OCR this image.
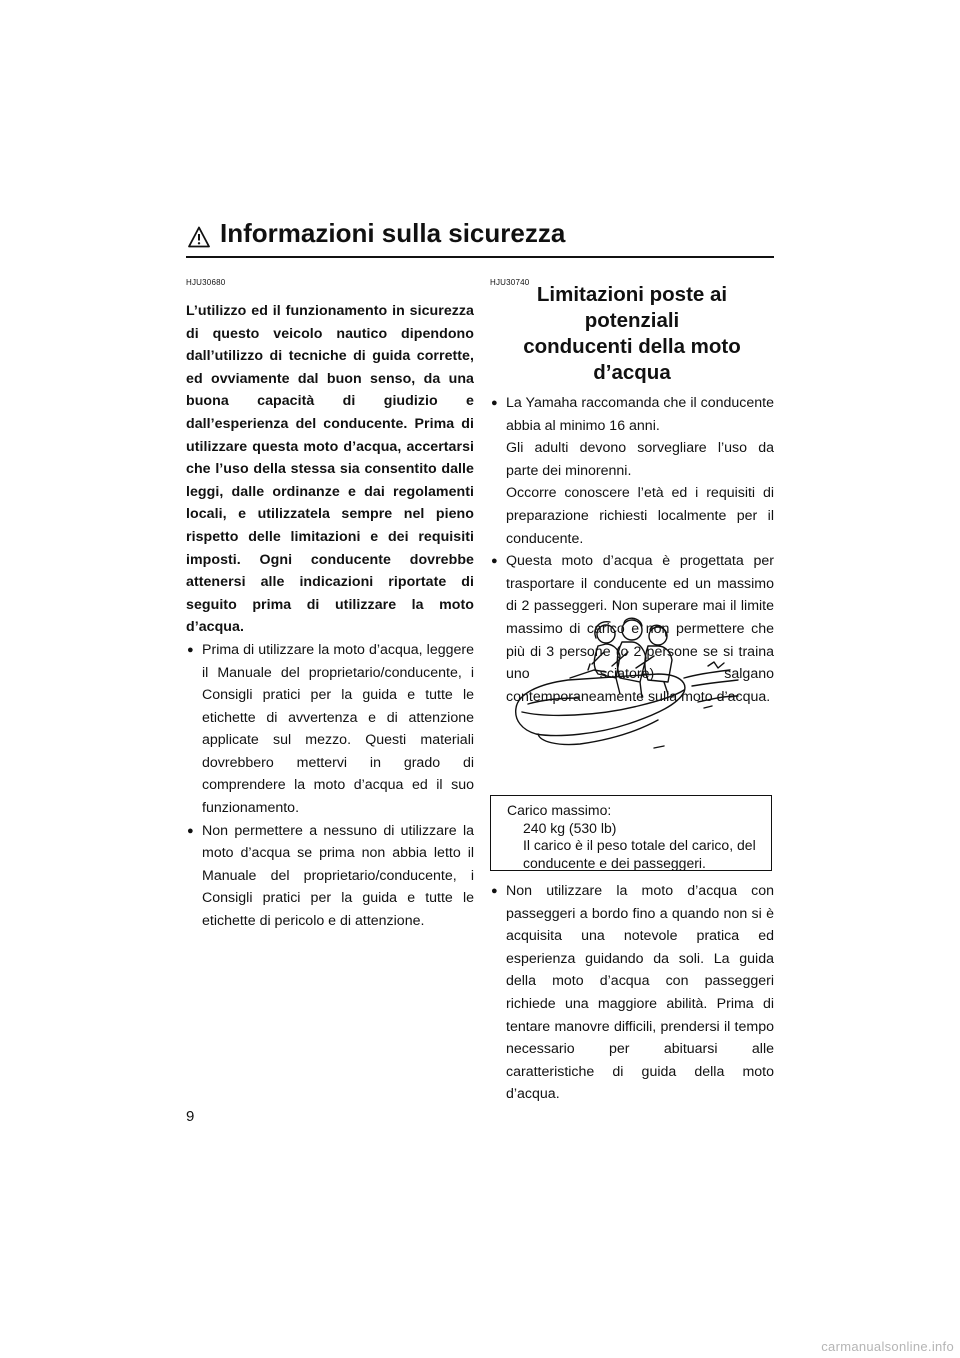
Informazioni sulla sicurezza
HJU30680

L’utilizzo ed il funzionamento in sicurezza di questo veicolo nautico dipendono dall’utilizzo di tecniche di guida corrette, ed ovviamente dal buon senso, da una buona capacità di giudizio e dall’esperienza del conducente. Prima di utilizzare questa moto d’acqua, accertarsi che l’uso della stessa sia consentito dalle leggi, dalle ordinanze e dai regolamenti locali, e utilizzatela sempre nel pieno rispetto delle limitazioni e dei requisiti imposti. Ogni conducente dovrebbe attenersi alle indicazioni riportate di seguito prima di utilizzare la moto d’acqua.

● Prima di utilizzare la moto d’acqua, leggere il Manuale del proprietario/conducente, i Consigli pratici per la guida e tutte le etichette di avvertenza e di attenzione applicate sul mezzo. Questi materiali dovrebbero mettervi in grado di comprendere la moto d’acqua ed il suo funzionamento.

● Non permettere a nessuno di utilizzare la moto d’acqua se prima non abbia letto il Manuale del proprietario/conducente, i Consigli pratici per la guida e tutte le etichette di pericolo e di attenzione.

HJU30740
Limitazioni poste ai potenziali
conducenti della moto d’acqua
● La Yamaha raccomanda che il conducente abbia al minimo 16 anni.

Gli adulti devono sorvegliare l’uso da parte dei minorenni.

Occorre conoscere l’età ed i requisiti di preparazione richiesti localmente per il conducente.

● Questa moto d’acqua è progettata per trasportare il conducente ed un massimo di 2 passeggeri. Non superare mai il limite massimo di carico e non permettere che più di 3 persone (o 2 persone se si traina uno sciatore) salgano contemporaneamente sulla moto d’acqua.

Carico massimo:
240 kg (530 lb)
Il carico è il peso totale del carico, del conducente e dei passeggeri.
● Non utilizzare la moto d’acqua con passeggeri a bordo fino a quando non si è acquisita una notevole pratica ed esperienza guidando da soli. La guida della moto d’acqua con passeggeri richiede una maggiore abilità. Prima di tentare manovre difficili, prendersi il tempo necessario per abituarsi alle caratteristiche di guida della moto d’acqua.

9
carmanualsonline.info
